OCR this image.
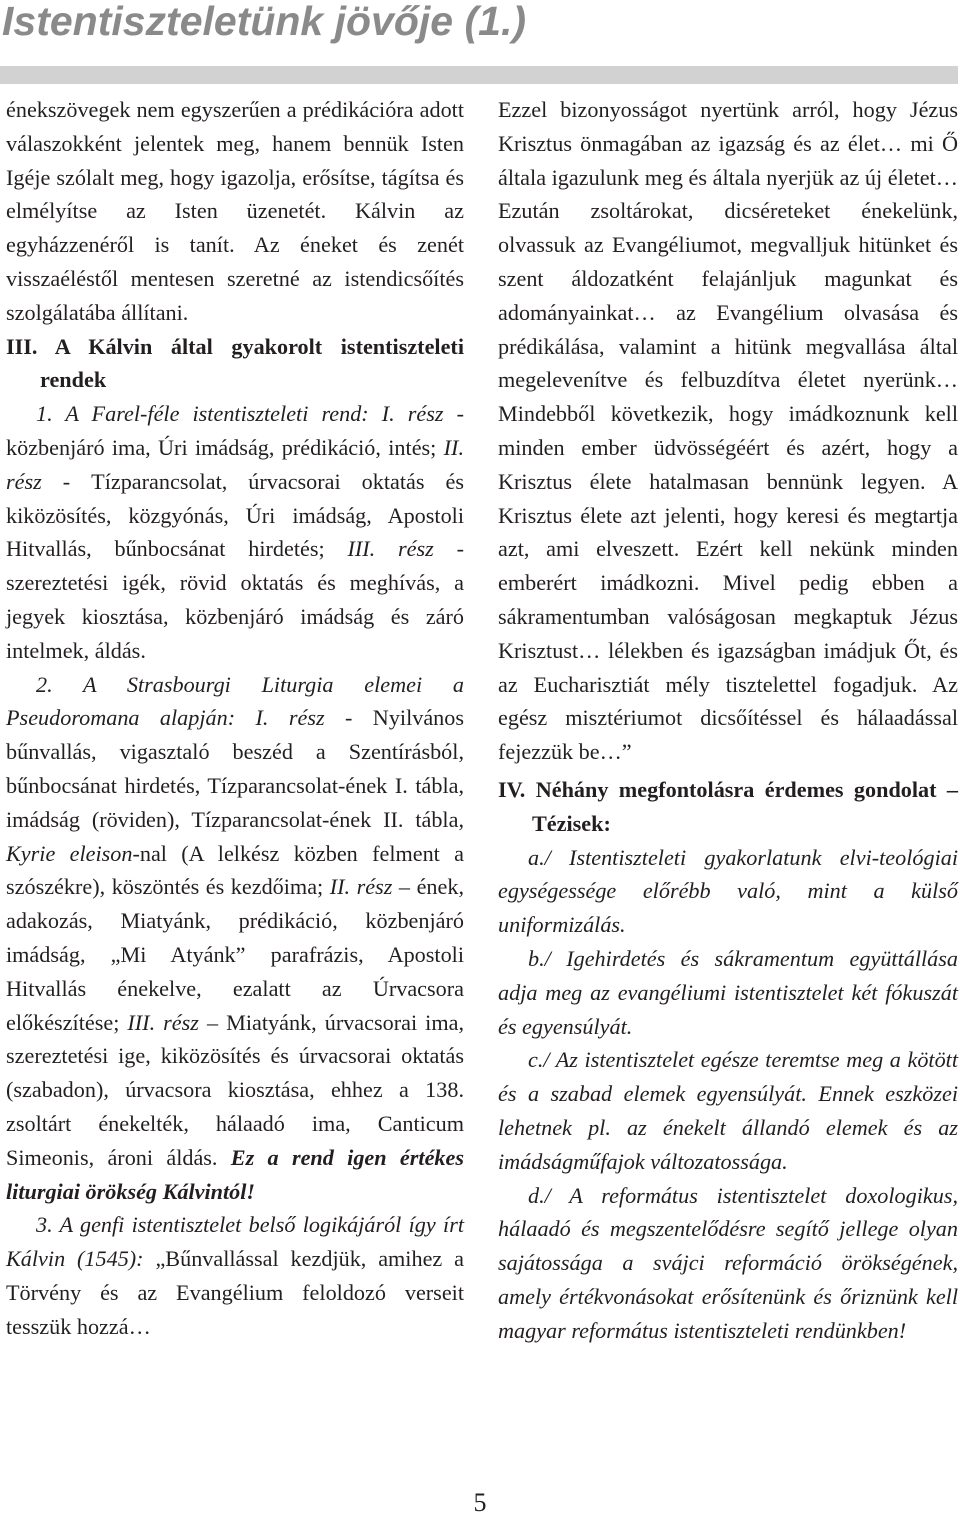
Istentiszteletünk jövője (1.)

énekszövegek nem egyszerűen a prédikációra adott válaszokként jelentek meg, hanem bennük Isten Igéje szólalt meg, hogy igazolja, erősítse, tágítsa és elmélyítse az Isten üzenetét. Kálvin az egyházzenéről is tanít. Az éneket és zenét visszaéléstől mentesen szeretné az istendicsőítés szolgálatába állítani.

III. A Kálvin által gyakorolt istentiszteleti rendek

1. A Farel-féle istentiszteleti rend: I. rész - közbenjáró ima, Úri imádság, prédikáció, intés; II. rész - Tízparancsolat, úrvacsorai oktatás és kiközösítés, közgyónás, Úri imádság, Apostoli Hitvallás, bűnbocsánat hirdetés; III. rész - szereztetési igék, rövid oktatás és meghívás, a jegyek kiosztása, közbenjáró imádság és záró intelmek, áldás.

2. A Strasbourgi Liturgia elemei a Pseudoromana alapján: I. rész - Nyilvános bűnvallás, vigasztaló beszéd a Szentírásból, bűnbocsánat hirdetés, Tízparancsolat-ének I. tábla, imádság (röviden), Tízparancsolat-ének II. tábla, Kyrie eleison-nal (A lelkész közben felment a szószékre), köszöntés és kezdőima; II. rész – ének, adakozás, Miatyánk, prédikáció, közbenjáró imádság, „Mi Atyánk” parafrázis, Apostoli Hitvallás énekelve, ezalatt az Úrvacsora előkészítése; III. rész – Miatyánk, úrvacsorai ima, szereztetési ige, kiközösítés és úrvacsorai oktatás (szabadon), úrvacsora kiosztása, ehhez a 138. zsoltárt énekelték, hálaadó ima, Canticum Simeonis, ároni áldás. Ez a rend igen értékes liturgiai örökség Kálvintól!

3. A genfi istentisztelet belső logikájáról így írt Kálvin (1545): „Bűnvallással kezdjük, amihez a Törvény és az Evangélium feloldozó verseit tesszük hozzá…

Ezzel bizonyosságot nyertünk arról, hogy Jézus Krisztus önmagában az igazság és az élet… mi Ő általa igazulunk meg és általa nyerjük az új életet… Ezután zsoltárokat, dicséreteket énekelünk, olvassuk az Evangéliumot, megvalljuk hitünket és szent áldozatként felajánljuk magunkat és adományainkat… az Evangélium olvasása és prédikálása, valamint a hitünk megvallása által megelevenítve és felbuzdítva életet nyerünk… Mindebből következik, hogy imádkoznunk kell minden ember üdvösségéért és azért, hogy a Krisztus élete hatalmasan bennünk legyen. A Krisztus élete azt jelenti, hogy keresi és megtartja azt, ami elveszett. Ezért kell nekünk minden emberért imádkozni. Mivel pedig ebben a sákramentumban valóságosan megkaptuk Jézus Krisztust… lélekben és igazságban imádjuk Őt, és az Eucharisztiát mély tisztelettel fogadjuk. Az egész misztériumot dicsőítéssel és hálaadással fejezzük be…”

IV. Néhány megfontolásra érdemes gondolat – Tézisek:

a./ Istentiszteleti gyakorlatunk elvi-teológiai egységessége előrébb való, mint a külső uniformizálás.

b./ Igehirdetés és sákramentum együttállása adja meg az evangéliumi istentisztelet két fókuszát és egyensúlyát.

c./ Az istentisztelet egésze teremtse meg a kötött és a szabad elemek egyensúlyát. Ennek eszközei lehetnek pl. az énekelt állandó elemek és az imádságműfajok változatossága.

d./ A református istentisztelet doxologikus, hálaadó és megszentelődésre segítő jellege olyan sajátossága a svájci reformáció örökségének, amely értékvonásokat erősítenünk és őriznünk kell magyar református istentiszteleti rendünkben!

5
